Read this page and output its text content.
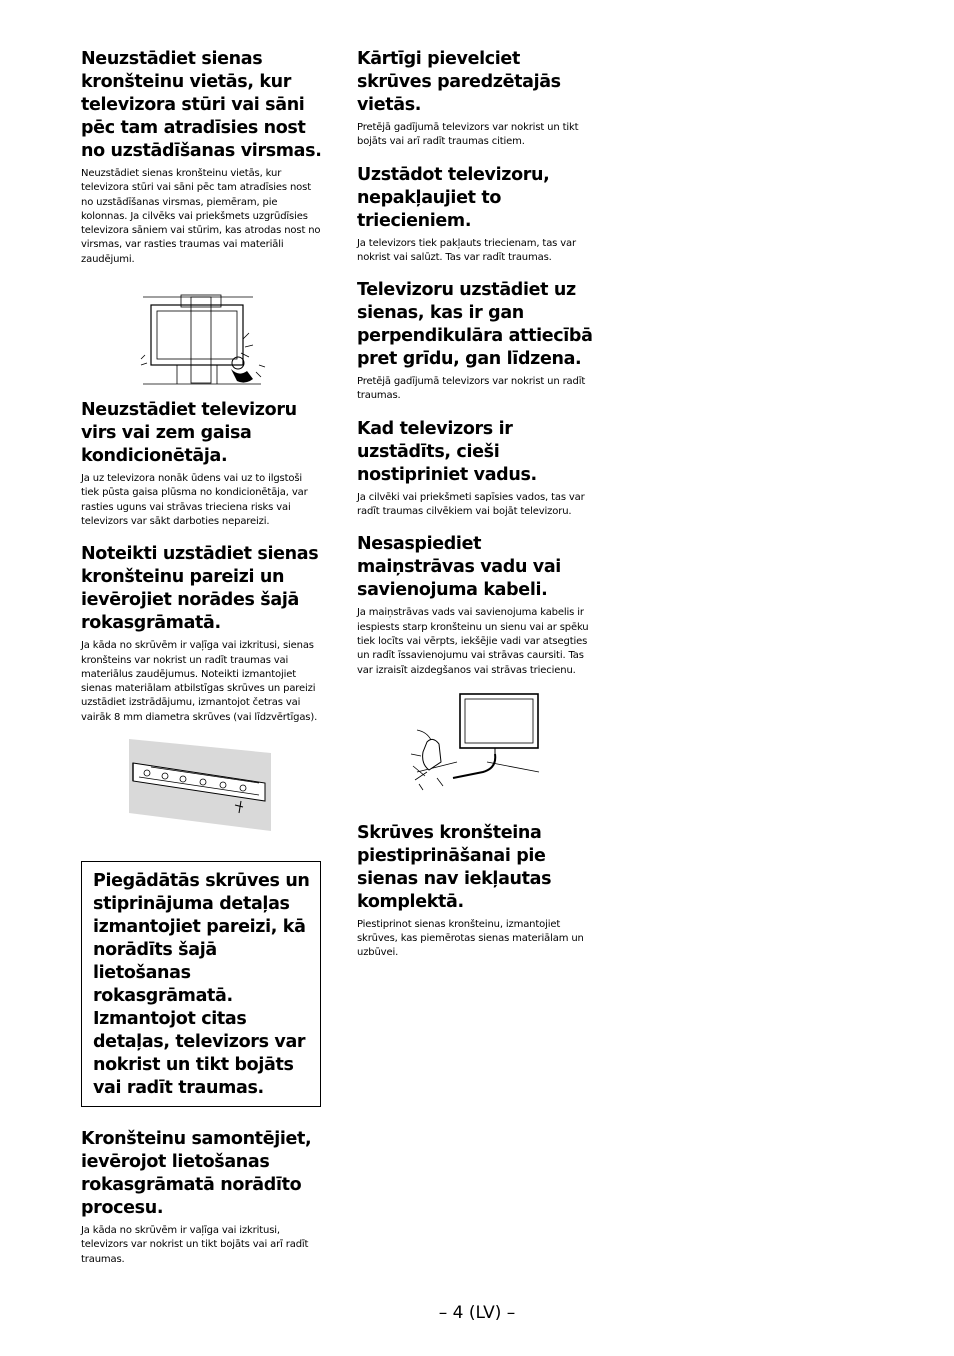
Neuzstādiet sienas kronšteinu vietās, kur televizora stūri vai sāni pēc tam atradīsies nost no uzstādīšanas virsmas.

Neuzstādiet sienas kronšteinu vietās, kur televizora stūri vai sāni pēc tam atradīsies nost no uzstādīšanas virsmas, piemēram, pie kolonnas. Ja cilvēks vai priekšmets uzgrūdīsies televizora sāniem vai stūrim, kas atrodas nost no virsmas, var rasties traumas vai materiāli zaudējumi.

Neuzstādiet televizoru virs vai zem gaisa kondicionētāja.

Ja uz televizora nonāk ūdens vai uz to ilgstoši tiek pūsta gaisa plūsma no kondicionētāja, var rasties uguns vai strāvas trieciena risks vai televizors var sākt darboties nepareizi.

Noteikti uzstādiet sienas kronšteinu pareizi un ievērojiet norādes šajā rokasgrāmatā.

Ja kāda no skrūvēm ir vaļīga vai izkritusi, sienas kronšteins var nokrist un radīt traumas vai materiālus zaudējumus. Noteikti izmantojiet sienas materiālam atbilstīgas skrūves un pareizi uzstādiet izstrādājumu, izmantojot četras vai vairāk 8 mm diametra skrūves (vai līdzvērtīgas).

Piegādātās skrūves un stiprinājuma detaļas izmantojiet pareizi, kā norādīts šajā lietošanas rokasgrāmatā. Izmantojot citas detaļas, televizors var nokrist un tikt bojāts vai radīt traumas.
Kronšteinu samontējiet, ievērojot lietošanas rokasgrāmatā norādīto procesu.

Ja kāda no skrūvēm ir vaļīga vai izkritusi, televizors var nokrist un tikt bojāts vai arī radīt traumas.

Kārtīgi pievelciet skrūves paredzētajās vietās.

Pretējā gadījumā televizors var nokrist un tikt bojāts vai arī radīt traumas citiem.

Uzstādot televizoru, nepakļaujiet to triecieniem.

Ja televizors tiek pakļauts triecienam, tas var nokrist vai salūzt. Tas var radīt traumas.

Televizoru uzstādiet uz sienas, kas ir gan perpendikulāra attiecībā pret grīdu, gan līdzena.

Pretējā gadījumā televizors var nokrist un radīt traumas.

Kad televizors ir uzstādīts, cieši nostipriniet vadus.

Ja cilvēki vai priekšmeti sapīsies vados, tas var radīt traumas cilvēkiem vai bojāt televizoru.

Nesaspiediet maiņstrāvas vadu vai savienojuma kabeli.

Ja maiņstrāvas vads vai savienojuma kabelis ir iespiests starp kronšteinu un sienu vai ar spēku tiek locīts vai vērpts, iekšējie vadi var atsegties un radīt īssavienojumu vai strāvas caursiti. Tas var izraisīt aizdegšanos vai strāvas triecienu.

Skrūves kronšteina piestiprināšanai pie sienas nav iekļautas komplektā.

Piestiprinot sienas kronšteinu, izmantojiet skrūves, kas piemērotas sienas materiālam un uzbūvei.

– 4 (LV) –
